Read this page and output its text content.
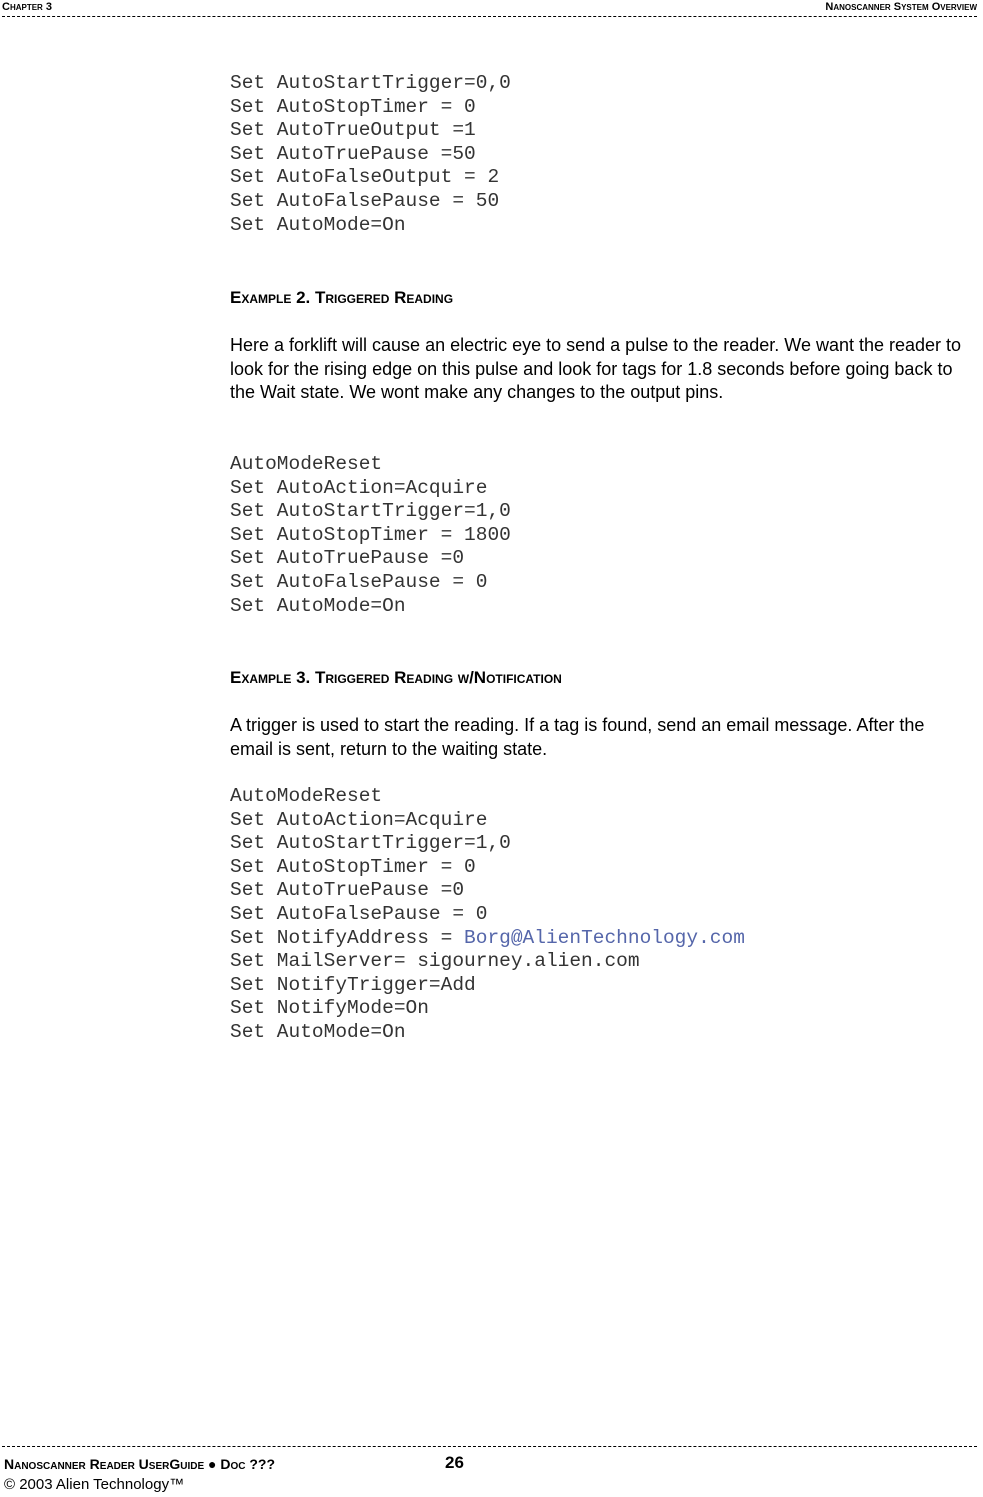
Chapter 3	Nanoscanner System Overview
Set AutoStartTrigger=0,0
Set AutoStopTimer = 0
Set AutoTrueOutput =1
Set AutoTruePause =50
Set AutoFalseOutput = 2
Set AutoFalsePause = 50
Set AutoMode=On
Example 2. Triggered Reading

Here a forklift will cause an electric eye to send a pulse to the reader. We want the reader to look for the rising edge on this pulse and look for tags for 1.8 seconds before going back to the Wait state. We wont make any changes to the output pins.

AutoModeReset
Set AutoAction=Acquire
Set AutoStartTrigger=1,0
Set AutoStopTimer = 1800
Set AutoTruePause =0
Set AutoFalsePause = 0
Set AutoMode=On
Example 3. Triggered Reading w/Notification

A trigger is used to start the reading. If a tag is found, send an email message. After the email is sent, return to the waiting state.

AutoModeReset
Set AutoAction=Acquire
Set AutoStartTrigger=1,0
Set AutoStopTimer = 0
Set AutoTruePause =0
Set AutoFalsePause = 0
Set NotifyAddress = Borg@AlienTechnology.com
Set MailServer= sigourney.alien.com
Set NotifyTrigger=Add
Set NotifyMode=On
Set AutoMode=On
Nanoscanner Reader UserGuide ● Doc ???	26
© 2003 Alien Technology™
